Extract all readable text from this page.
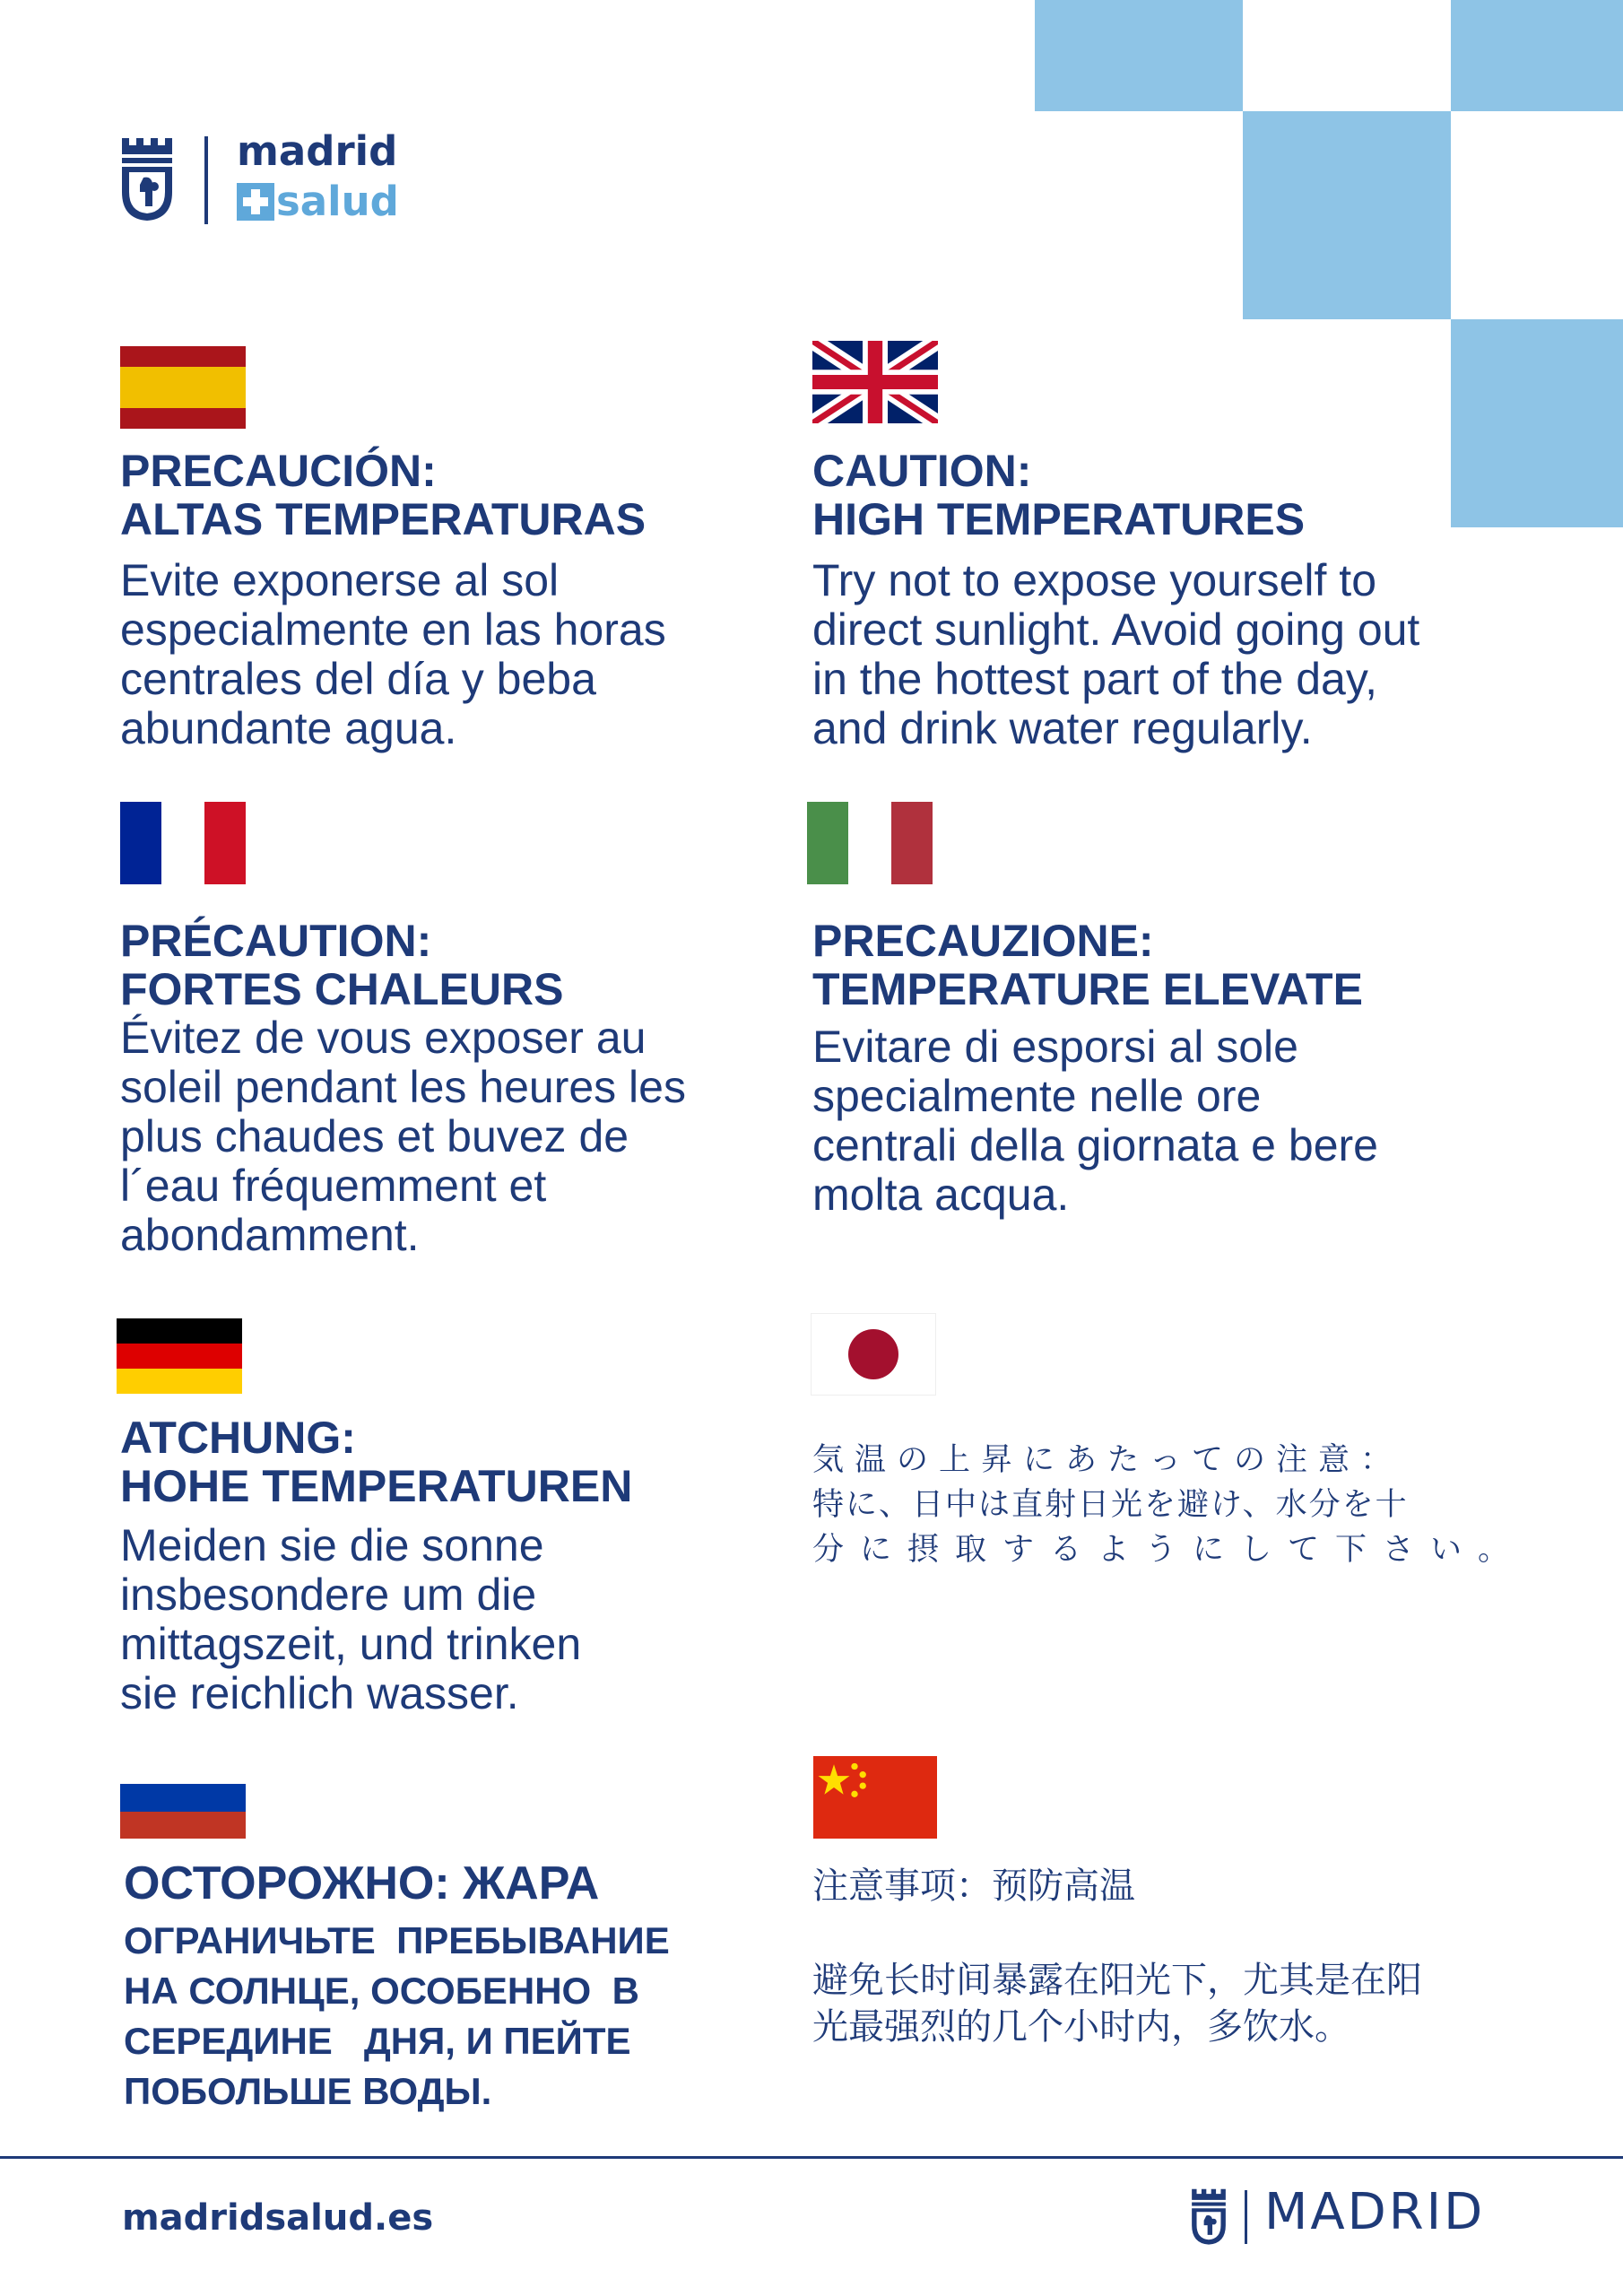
madrid
salud
PRECAUCIÓN:
ALTAS TEMPERATURAS
Evite exponerse al sol
especialmente en las horas
centrales del día y beba
abundante agua.
CAUTION:
HIGH TEMPERATURES
Try not to expose yourself to
direct sunlight. Avoid going out
in the hottest part of the day,
and drink water regularly.
PRÉCAUTION:
FORTES CHALEURS
Évitez de vous exposer au
soleil pendant les heures les
plus chaudes et buvez de
l´eau fréquemment et
abondamment.
PRECAUZIONE:
TEMPERATURE ELEVATE
Evitare di esporsi al sole
specialmente nelle ore
centrali della giornata e bere
molta acqua.
ATCHUNG:
HOHE TEMPERATUREN
Meiden sie die sonne
insbesondere um die
mittagszeit, und trinken
sie reichlich wasser.
気温の上昇にあたっての注意：
特に、日中は直射日光を避け、水分を十
分に摂取するようにして下さい。
ОСТОРОЖНО: ЖАРА
ОГРАНИЧЬТЕ  ПРЕБЫВАНИЕ
НА СОЛНЦЕ, ОСОБЕННО  В
СЕРЕДИНЕ   ДНЯ, И ПЕЙТЕ
ПОБОЛЬШЕ ВОДЫ.
注意事项：预防高温
避免长时间暴露在阳光下，尤其是在阳
光最强烈的几个小时内，多饮水。
madridsalud.es	MADRID
